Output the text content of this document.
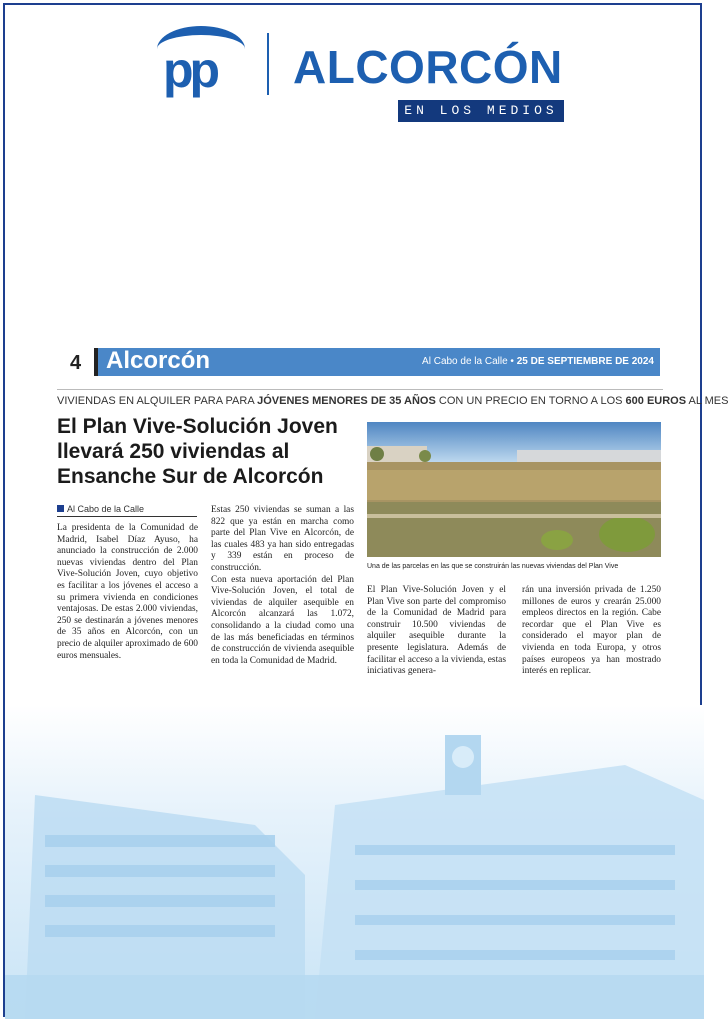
pp ALCORCÓN
EN LOS MEDIOS
4 Alcorcón	Al Cabo de la Calle • 25 DE SEPTIEMBRE DE 2024
VIVIENDAS EN ALQUILER PARA PARA JÓVENES MENORES DE 35 AÑOS CON UN PRECIO EN TORNO A LOS 600 EUROS AL MES
El Plan Vive-Solución Joven llevará 250 viviendas al Ensanche Sur de Alcorcón
Al Cabo de la Calle

La presidenta de la Comunidad de Madrid, Isabel Díaz Ayuso, ha anunciado la construcción de 2.000 nuevas viviendas dentro del Plan Vive-Solución Joven, cuyo objetivo es facilitar a los jóvenes el acceso a su primera vivienda en condiciones ventajosas. De estas 2.000 viviendas, 250 se destinarán a jóvenes menores de 35 años en Alcorcón, con un precio de alquiler aproximado de 600 euros mensuales.

Estas 250 viviendas se suman a las 822 que ya están en marcha como parte del Plan Vive en Alcorcón, de las cuales 483 ya han sido entregadas y 339 están en proceso de construcción.

Con esta nueva aportación del Plan Vive-Solución Joven, el total de viviendas de alquiler asequible en Alcorcón alcanzará las 1.072, consolidando a la ciudad como una de las más beneficiadas en términos de construcción de vivienda asequible en toda la Comunidad de Madrid.

Una de las parcelas en las que se construirán las nuevas viviendas del Plan Vive

El Plan Vive-Solución Joven y el Plan Vive son parte del compromiso de la Comunidad de Madrid para construir 10.500 viviendas de alquiler asequible durante la presente legislatura. Además de facilitar el acceso a la vivienda, estas iniciativas genera-

rán una inversión privada de 1.250 millones de euros y crearán 25.000 empleos directos en la región. Cabe recordar que el Plan Vive es considerado el mayor plan de vivienda en toda Europa, y otros países europeos ya han mostrado interés en replicar.
